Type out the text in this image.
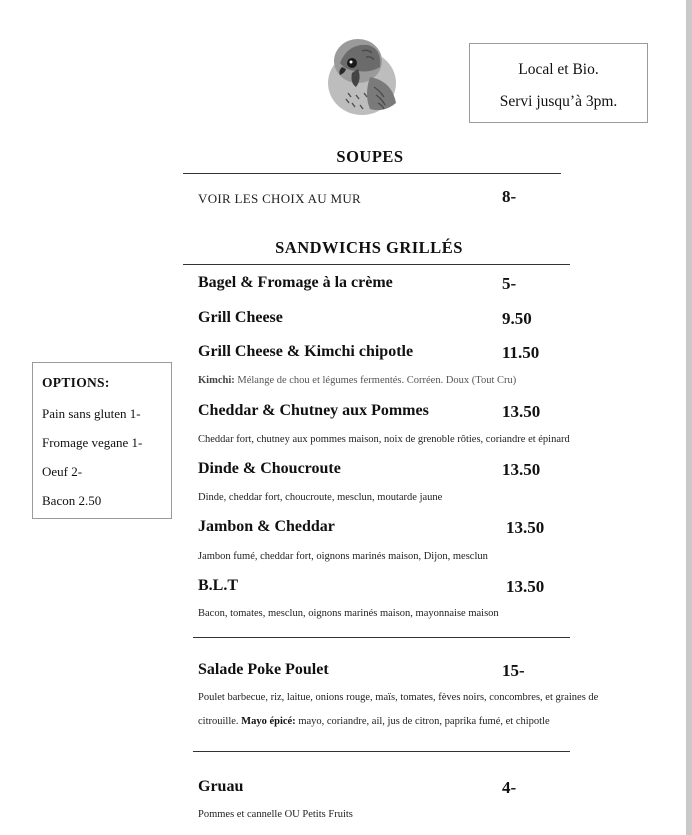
Local et Bio.
Servi jusqu’à 3pm.
SOUPES
VOIR LES CHOIX AU MUR	8-
SANDWICHS GRILLÉS
Bagel & Fromage à la crème	5-
Grill Cheese	9.50
Grill Cheese & Kimchi chipotle	11.50
Kimchi: Mélange de chou et légumes fermentés. Corréen. Doux (Tout Cru)
Cheddar & Chutney aux Pommes	13.50
Cheddar fort, chutney aux pommes maison, noix de grenoble rôties, coriandre et épinard
Dinde & Choucroute	13.50
Dinde, cheddar fort, choucroute, mesclun, moutarde jaune
Jambon & Cheddar	13.50
Jambon fumé, cheddar fort, oignons marinés maison, Dijon, mesclun
B.L.T	13.50
Bacon, tomates, mesclun, oignons marinés maison, mayonnaise maison
Salade Poke Poulet	15-
Poulet barbecue, riz, laitue, onions rouge, maïs, tomates, fèves noirs, concombres, et graines de
citrouille. Mayo épicé: mayo, coriandre, ail, jus de citron, paprika fumé, et chipotle
Gruau	4-
Pommes et cannelle OU Petits Fruits
OPTIONS:
Pain sans gluten 1-
Fromage vegane 1-
Oeuf 2-
Bacon 2.50
